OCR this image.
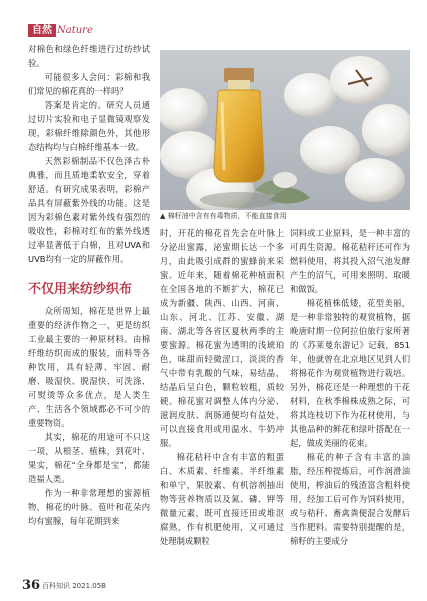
自然 Nature

对棉色和绿色纤维进行过纺纱试验。

可能很多人会问：彩棉和我们常见的棉花真的一样吗？

答案是肯定的。研究人员通过切片实验和电子显微镜观察发现，彩棉纤维除颜色外，其他形态结构均与白棉纤维基本一致。

天然彩棉制品不仅色泽古朴典雅，而且质地柔软安全，穿着舒适。有研究成果表明，彩棉产品具有屏蔽紫外线的功能。这是因为彩棉色素对紫外线有强烈的吸收性，彩棉对红布的紫外线透过率显著低于白棉，且对UVA和UVB均有一定的屏蔽作用。

不仅用来纺纱织布

众所周知，棉花是世界上最重要的经济作物之一，更是纺织工业最主要的一种原材料。由棉纤维纺织而成的服装，面料等各种饮用，具有轻薄、牢固、耐磨、吸湿快、脱湿快、可洗涤、可熨烫等众多优点，是人类生产、生活各个领域都必不可少的重要物资。

其实，棉花的用途可不只这一项，从根茎、植株，到花叶、果实，棉花“全身都是宝”，都能造福人类。

作为一种非常理想的蜜源植物，棉花的叶脉、苞叶和花朵内均有蜜腺，每年花期到来

▲ 棉籽油中含有有毒物质，不能直接食用

时，开花的棉花首先会在叶脉上分泌出蜜露，泌蜜期长达一个多月，由此吸引成群的蜜蜂前来采蜜。近年来，随着棉花种植面积在全国各地的不断扩大，棉花已成为新疆、陕西、山西、河南、山东、河北、江苏、安徽、湖南、湖北等各省区夏秋两季的主要蜜源。棉花蜜为透明的浅琥珀色，味甜而轻微涩口，淡淡的香气中带有乳酸的气味，易结晶，结晶后呈白色，颗粒较粗，质较硬。棉花蜜对调整人体内分泌、滋润皮肤、润肠通便均有益处，可以直接食用或用温水、牛奶冲服。

棉花秸秆中含有丰富的粗蛋白、木质素、纤维素、半纤维素和单宁，果胶素、有机溶剂抽出物等营养物质以及氮、磷、钾等微量元素，既可直接还田或堆沤腐熟，作有机肥使用，又可通过处理制成颗粒

饲料或工业原料，是一种丰富的可再生资源。棉花秸秆还可作为燃料使用，将其投入沼气池发酵产生的沼气，可用来照明、取暖和做饭。

棉花植株低矮，花型美丽，是一种非常独特的观赏植物，据晚唐时期一位阿拉伯旅行家所著的《苏莱曼东游记》记载，851年，他就曾在北京地区见到人们将棉花作为观赏植物进行栽培。另外，棉花还是一种理想的干花材料，在秋季棉株成熟之际，可将其连枝切下作为花材使用，与其他品种的鲜花和绿叶搭配在一起，做成美丽的花束。

棉花的种子含有丰富的油脂，经压榨提炼后，可作润滑油使用，榨油后的残渣富含粗料使用，经加工后可作为饲料使用，或与秸秆、畜禽粪便混合发酵后当作肥料。需要特别提醒的是，棉籽的主要成分

36 百科知识 2021.05B
